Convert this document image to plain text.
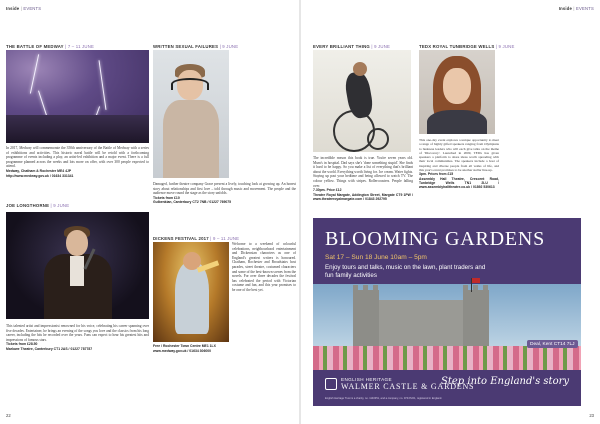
Inside | EVENTS
THE BATTLE OF MEDWAY | 7 – 11 JUNE
In 2017, Medway will commemorate the 350th anniversary of the Battle of Medway with a series of exhibitions and activities. This historic naval battle will be retold with a forthcoming programme of events including a play, an artist-led exhibition and a major event. There is a full programme planned across the weeks and lots more on offer, with over 300 people expected to attend.
Medway, Chatham & Rochester ME4 4JP
http://www.medway.gov.uk / 01634 331341
JOE LONGTHORNE | 9 JUNE
This talented artist and impressionist renowned for his voice, celebrating his career spanning over five decades. Entertainer, he brings an evening of the songs you love and the classics from his long career, including the hits he recorded over the years. Fans can expect to hear his greatest hits and impressions of famous stars.
Tickets from £28.50
Marlowe Theatre, Canterbury CT1 2AS / 01227 787787
WRITTEN SEXUAL FAILURES | 9 JUNE
Damaged, further theatre company Grace present a lively, touching look at growing up. An honest story about relationships and first love – told through music and movement. The people and the audience move round the stage as the story unfolds.
Tickets from £10
Gulbenkian, Canterbury CT2 7NB / 01227 769075
DICKENS FESTIVAL 2017 | 9 – 11 JUNE
Welcome to a weekend of colourful celebrations, neighbourhood entertainment and Dickensian characters as one of England's greatest writers is honoured. Chatham, Rochester and Broadstairs host parades, street theatre, costumed characters and some of the best-known scenes from the novels. For over three decades the festival has celebrated the period with Victorian costume and fun, and this year promises to be one of the best yet.
Free / Rochester Town Centre ME1 1LX
www.medway.gov.uk / 01634 306000
22
Inside | EVENTS
EVERY BRILLIANT THING | 9 JUNE
The incredible reason this book is true. You're seven years old. Mum's in hospital. Dad says she's 'done something stupid'. She finds it hard to be happy. So you make a list of everything that's brilliant about the world. Everything worth living for. Ice cream. Water fights. Staying up past your bedtime and being allowed to watch TV. The colour yellow. Things with stripes. Rollercoasters. People falling over.
7.30pm. Price £12
Theatre Royal Margate, Addington Street, Margate CT9 1PW / www.theatreroyalmargate.com / 01843 292795
TEDX ROYAL TUNBRIDGE WELLS | 9 JUNE
This one-day event explores a unique opportunity to meet a range of highly gifted speakers ranging from Olympians to business leaders who will each give talks on the theme of 'Discovery'. Launched in 2009, TEDx has given speakers a platform to share ideas worth spreading with their local communities. The speakers include a host of inspiring and diverse people from all walks of life, and this year's event promises to be another stellar line-up.
3pm. Prices from £15
Assembly Hall Theatre, Crescent Road, Tunbridge Wells TN1 2LU / www.assemblyhalltheatre.co.uk / 01892 530613
BLOOMING GARDENS
Sat 17 – Sun 18 June 10am – 5pm
Enjoy tours and talks, music on the lawn, plant traders and fun family activities
Deal, Kent CT14 7LJ
ENGLISH HERITAGE
WALMER CASTLE & GARDENS
Step into England's story
English Heritage Trust is a charity, no. 1140351, and a company, no. 07447221, registered in England.
23
